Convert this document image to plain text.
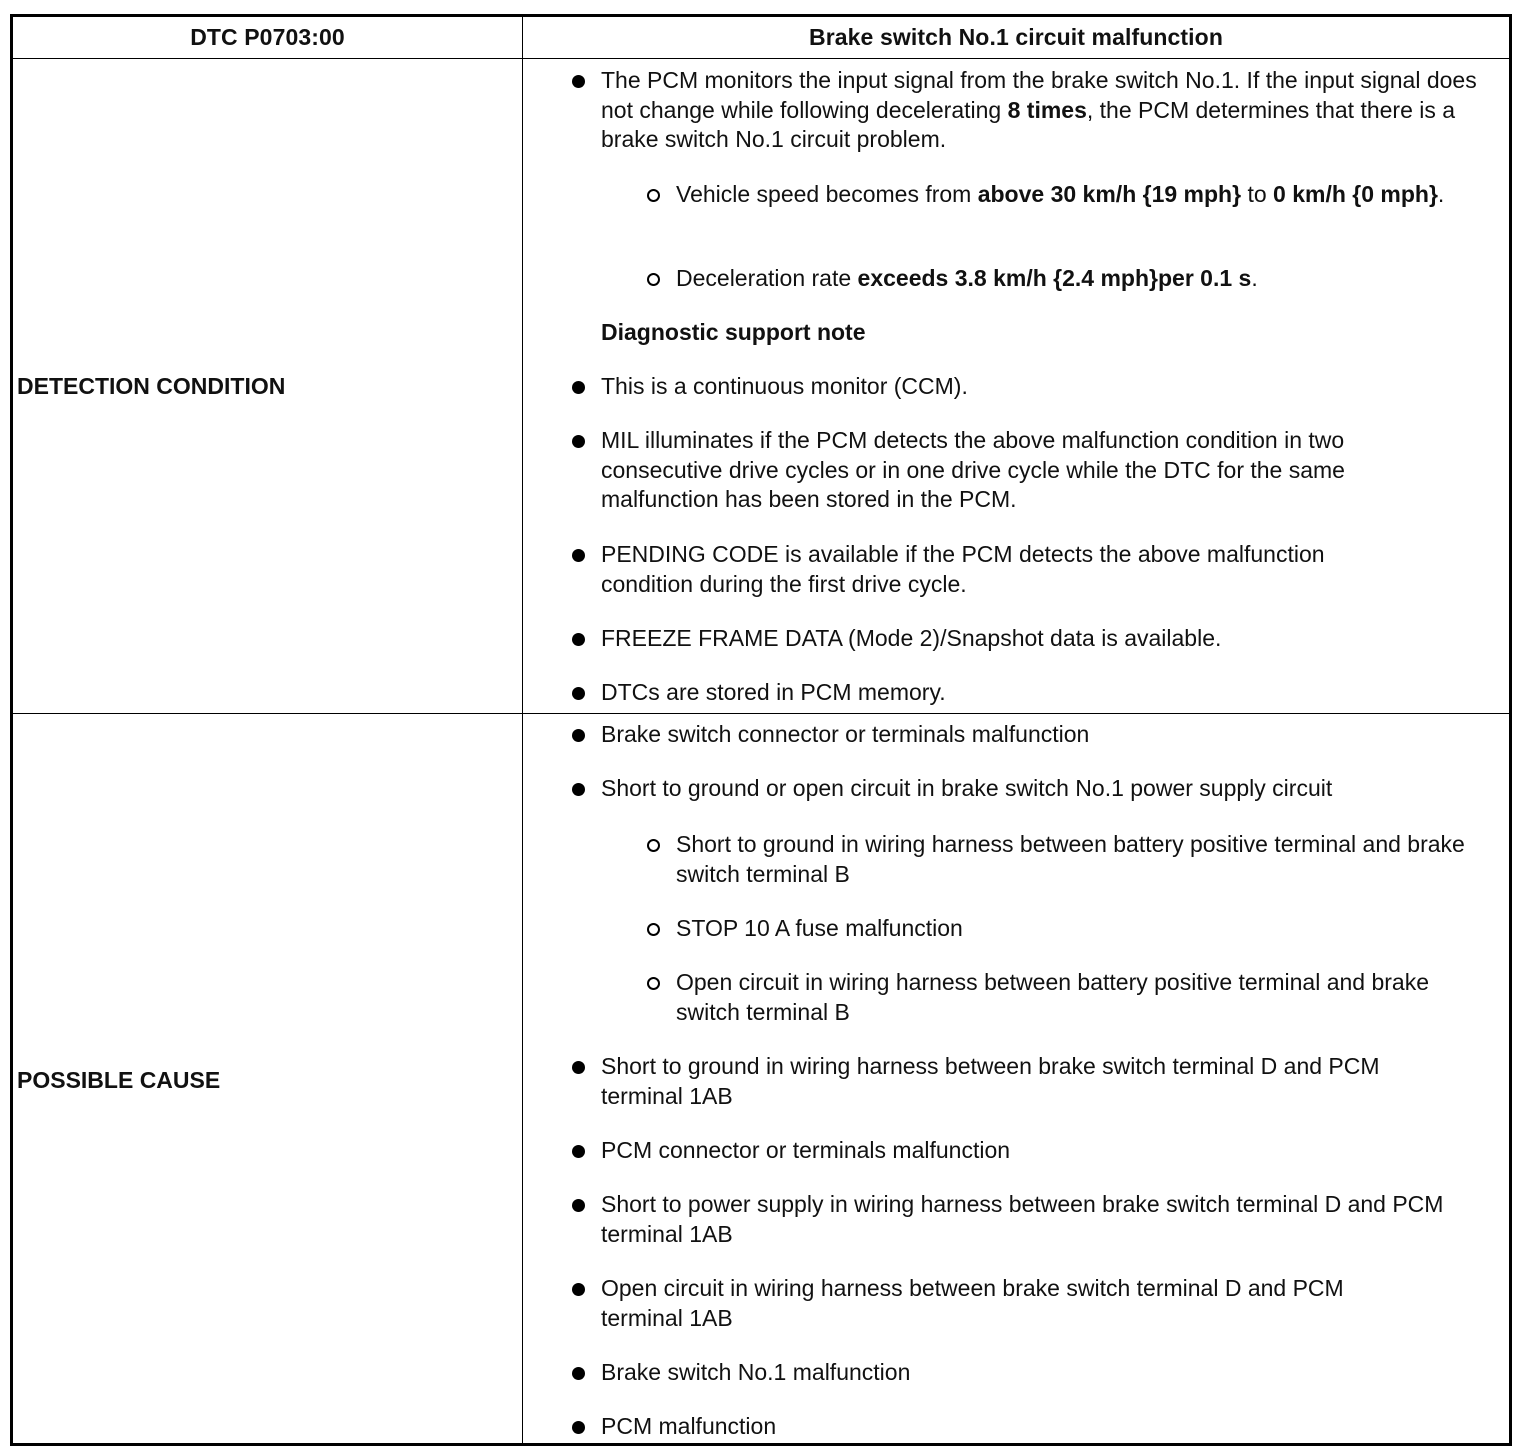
DTC P0703:00	Brake switch No.1 circuit malfunction
DETECTION CONDITION
POSSIBLE CAUSE
The PCM monitors the input signal from the brake switch No.1. If the input signal does not change while following decelerating 8 times, the PCM determines that there is a brake switch No.1 circuit problem.
Vehicle speed becomes from above 30 km/h {19 mph} to 0 km/h {0 mph}.
Deceleration rate exceeds 3.8 km/h {2.4 mph}per 0.1 s.
Diagnostic support note
This is a continuous monitor (CCM).
MIL illuminates if the PCM detects the above malfunction condition in two consecutive drive cycles or in one drive cycle while the DTC for the same malfunction has been stored in the PCM.
PENDING CODE is available if the PCM detects the above malfunction condition during the first drive cycle.
FREEZE FRAME DATA (Mode 2)/Snapshot data is available.
DTCs are stored in PCM memory.
Brake switch connector or terminals malfunction
Short to ground or open circuit in brake switch No.1 power supply circuit
Short to ground in wiring harness between battery positive terminal and brake switch terminal B
STOP 10 A fuse malfunction
Open circuit in wiring harness between battery positive terminal and brake switch terminal B
Short to ground in wiring harness between brake switch terminal D and PCM terminal 1AB
PCM connector or terminals malfunction
Short to power supply in wiring harness between brake switch terminal D and PCM terminal 1AB
Open circuit in wiring harness between brake switch terminal D and PCM terminal 1AB
Brake switch No.1 malfunction
PCM malfunction
